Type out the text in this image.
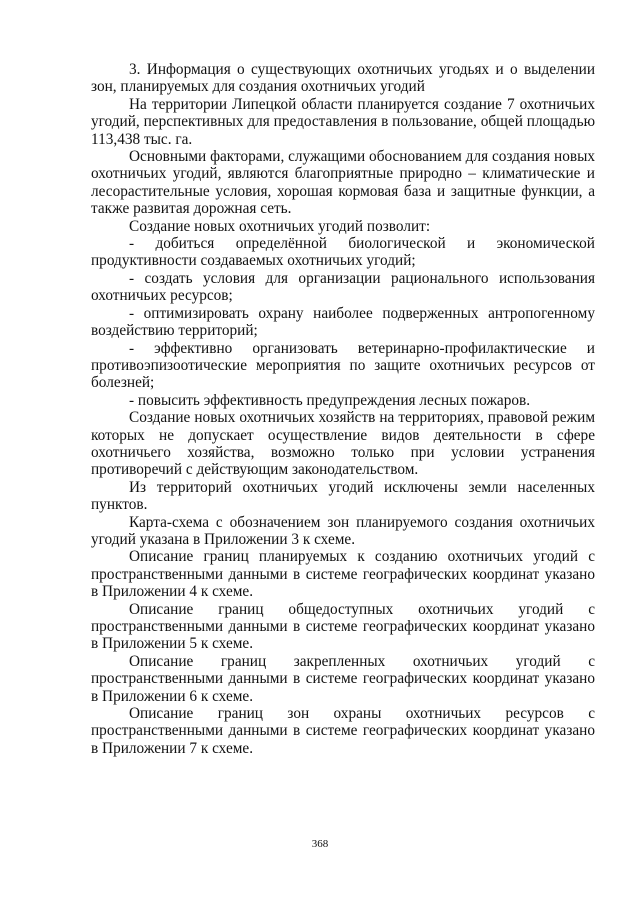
3. Информация о существующих охотничьих угодьях и о выделении зон, планируемых для создания охотничьих угодий

На территории Липецкой области планируется создание 7 охотничьих угодий, перспективных для предоставления в пользование, общей площадью 113,438 тыс. га.

Основными факторами, служащими обоснованием для создания новых охотничьих угодий, являются благоприятные природно – климатические и лесорастительные условия, хорошая кормовая база и защитные функции, а также развитая дорожная сеть.

Создание новых охотничьих угодий позволит:

- добиться определённой биологической и экономической продуктивности создаваемых охотничьих угодий;

- создать условия для организации рационального использования охотничьих ресурсов;

- оптимизировать охрану наиболее подверженных антропогенному воздействию территорий;

- эффективно организовать ветеринарно-профилактические и противоэпизоотические мероприятия по защите охотничьих ресурсов от болезней;

- повысить эффективность предупреждения лесных пожаров.

Создание новых охотничьих хозяйств на территориях, правовой режим которых не допускает осуществление видов деятельности в сфере охотничьего хозяйства, возможно только при условии устранения противоречий с действующим законодательством.

Из территорий охотничьих угодий исключены земли населенных пунктов.

Карта-схема с обозначением зон планируемого создания охотничьих угодий указана в Приложении 3 к схеме.

Описание границ планируемых к созданию охотничьих угодий с пространственными данными в системе географических координат указано в Приложении 4 к схеме.

Описание границ общедоступных охотничьих угодий с пространственными данными в системе географических координат указано в Приложении 5 к схеме.

Описание границ закрепленных охотничьих угодий с пространственными данными в системе географических координат указано в Приложении 6 к схеме.

Описание границ зон охраны охотничьих ресурсов с пространственными данными в системе географических координат указано в Приложении 7 к схеме.

368
